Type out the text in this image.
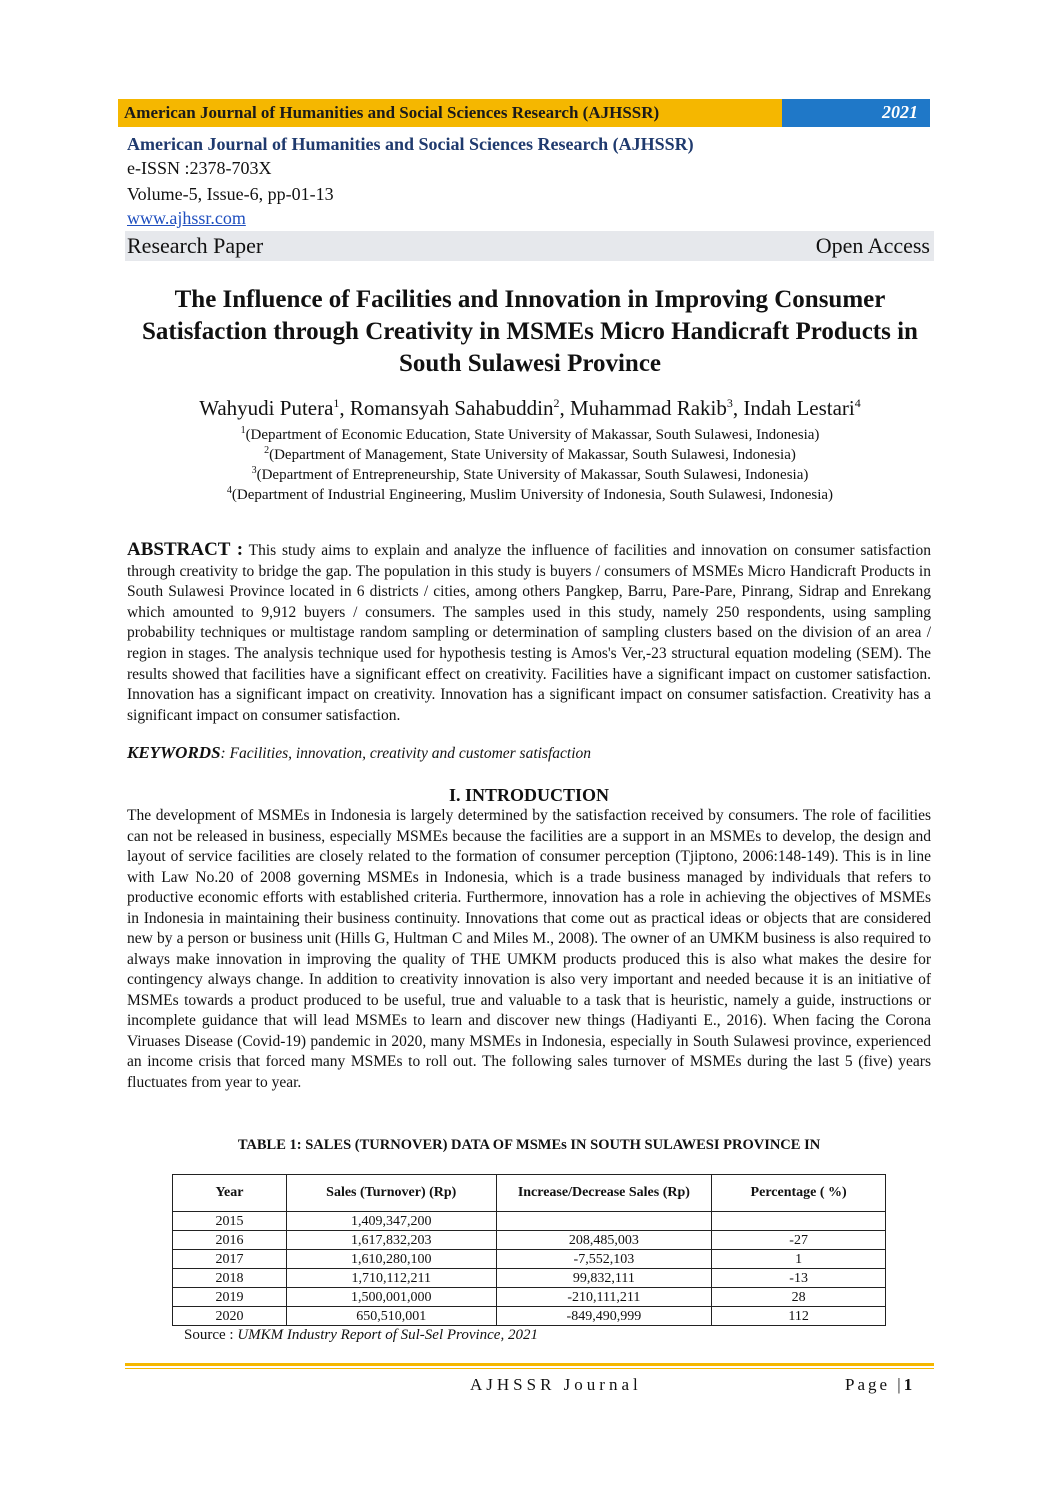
American Journal of Humanities and Social Sciences Research (AJHSSR)	2021
American Journal of Humanities and Social Sciences Research (AJHSSR)
e-ISSN :2378-703X
Volume-5, Issue-6, pp-01-13
www.ajhssr.com
Research Paper	Open Access
The Influence of Facilities and Innovation in Improving Consumer Satisfaction through Creativity in MSMEs Micro Handicraft Products in South Sulawesi Province
Wahyudi Putera$^1$, Romansyah Sahabuddin$^2$, Muhammad Rakib$^3$, Indah Lestari$^4$
$^1$(Department of Economic Education, State University of Makassar, South Sulawesi, Indonesia)
$^2$(Department of Management, State University of Makassar, South Sulawesi, Indonesia)
$^3$(Department of Entrepreneurship, State University of Makassar, South Sulawesi, Indonesia)
$^4$(Department of Industrial Engineering, Muslim University of Indonesia, South Sulawesi, Indonesia)
ABSTRACT : This study aims to explain and analyze the influence of facilities and innovation on consumer satisfaction through creativity to bridge the gap. The population in this study is buyers / consumers of MSMEs Micro Handicraft Products in South Sulawesi Province located in 6 districts / cities, among others Pangkep, Barru, Pare-Pare, Pinrang, Sidrap and Enrekang which amounted to 9,912 buyers / consumers. The samples used in this study, namely 250 respondents, using sampling probability techniques or multistage random sampling or determination of sampling clusters based on the division of an area / region in stages. The analysis technique used for hypothesis testing is Amos's Ver,-23 structural equation modeling (SEM). The results showed that facilities have a significant effect on creativity. Facilities have a significant impact on customer satisfaction. Innovation has a significant impact on creativity. Innovation has a significant impact on consumer satisfaction. Creativity has a significant impact on consumer satisfaction.
KEYWORDS: Facilities, innovation, creativity and customer satisfaction
I. INTRODUCTION
The development of MSMEs in Indonesia is largely determined by the satisfaction received by consumers. The role of facilities can not be released in business, especially MSMEs because the facilities are a support in an MSMEs to develop, the design and layout of service facilities are closely related to the formation of consumer perception (Tjiptono, 2006:148-149). This is in line with Law No.20 of 2008 governing MSMEs in Indonesia, which is a trade business managed by individuals that refers to productive economic efforts with established criteria. Furthermore, innovation has a role in achieving the objectives of MSMEs in Indonesia in maintaining their business continuity. Innovations that come out as practical ideas or objects that are considered new by a person or business unit (Hills G, Hultman C and Miles M., 2008). The owner of an UMKM business is also required to always make innovation in improving the quality of THE UMKM products produced this is also what makes the desire for contingency always change. In addition to creativity innovation is also very important and needed because it is an initiative of MSMEs towards a product produced to be useful, true and valuable to a task that is heuristic, namely a guide, instructions or incomplete guidance that will lead MSMEs to learn and discover new things (Hadiyanti E., 2016). When facing the Corona Viruases Disease (Covid-19) pandemic in 2020, many MSMEs in Indonesia, especially in South Sulawesi province, experienced an income crisis that forced many MSMEs to roll out. The following sales turnover of MSMEs during the last 5 (five) years fluctuates from year to year.
TABLE 1: SALES (TURNOVER) DATA OF MSMEs IN SOUTH SULAWESI PROVINCE IN
Year	Sales (Turnover) (Rp)	Increase/Decrease Sales (Rp)	Percentage ( %)
2015	1,409,347,200		
2016	1,617,832,203	208,485,003	-27
2017	1,610,280,100	-7,552,103	1
2018	1,710,112,211	99,832,111	-13
2019	1,500,001,000	-210,111,211	28
2020	650,510,001	-849,490,999	112
Source : UMKM Industry Report of Sul-Sel Province, 2021
AJHSSR Journal	Page |1
